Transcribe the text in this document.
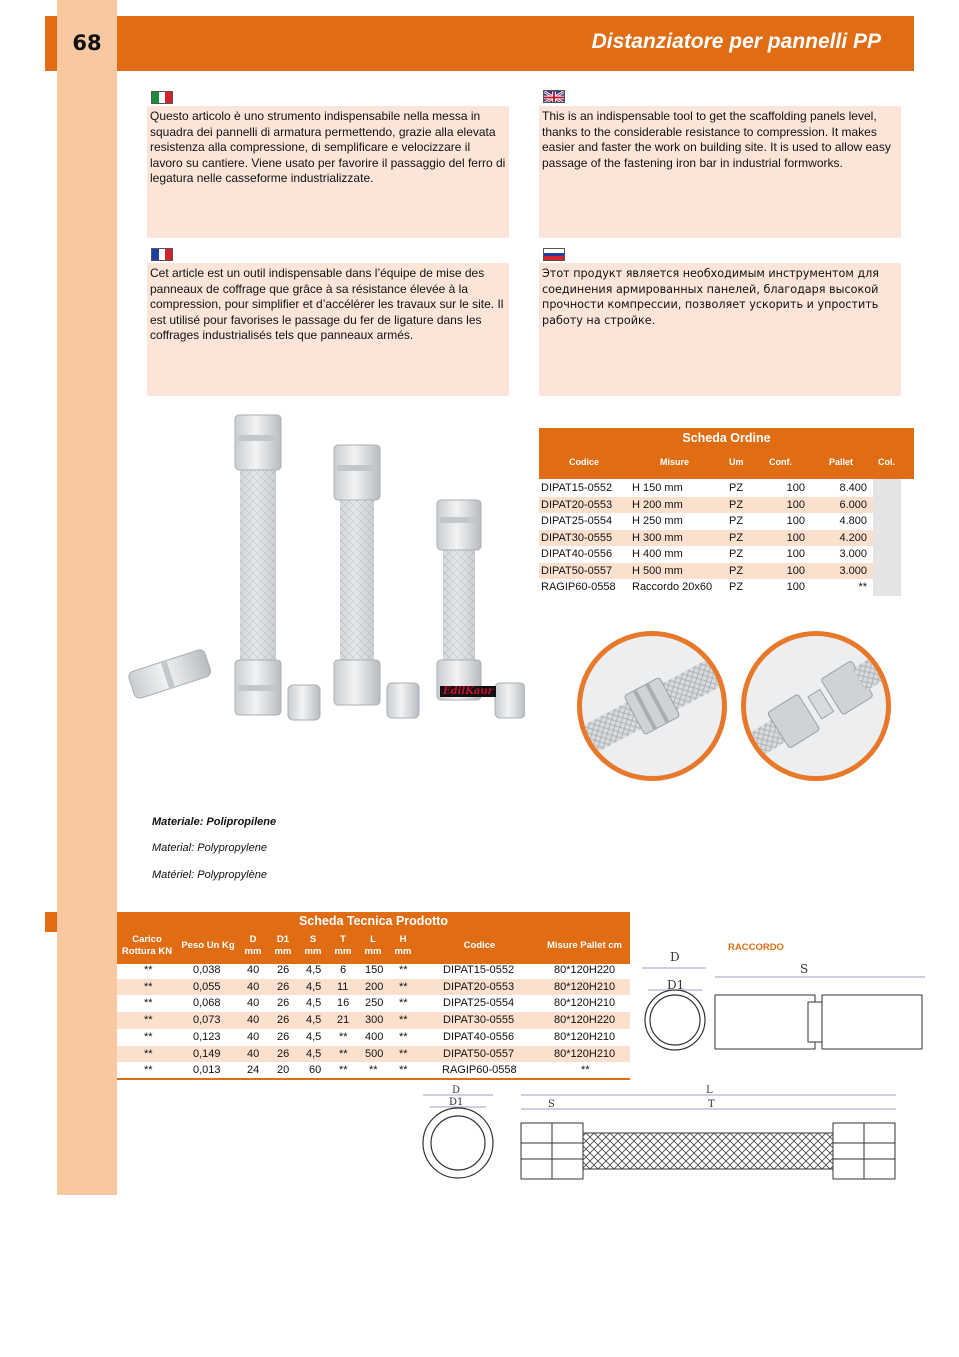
68	Distanziatore per pannelli PP
Questo articolo è uno strumento indispensabile nella messa in squadra dei pannelli di armatura permettendo, grazie alla elevata resistenza alla compressione, di semplificare e velocizzare il lavoro su cantiere. Viene usato per favorire il passaggio del ferro di legatura nelle casseforme industrializzate.
This is an indispensable tool to get the scaffolding panels level, thanks to the considerable resistance to compression. It makes easier and faster the work on building site. It is used to allow easy passage of the fastening iron bar in industrial formworks.
Cet article est un outil indispensable dans l’équipe de mise des panneaux de coffrage que grâce à sa résistance élevée à la compression, pour simplifier et d’accélérer les travaux sur le site. Il est utilisé pour favorises le passage du fer de ligature dans les coffrages industrialisés tels que panneaux armés.
Этот продукт является необходимым инструментом для соединения армированных панелей, благодаря высокой прочности компрессии, позволяет ускорить и упростить работу на стройке.
EdilKaur
Scheda Ordine
Codice	Misure	Um	Conf.	Pallet	Col.
DIPAT15-0552 H 150 mm	PZ	100	8.400
DIPAT20-0553 H 200 mm	PZ	100	6.000
DIPAT25-0554 H 250 mm	PZ	100	4.800
DIPAT30-0555 H 300 mm	PZ	100	4.200
DIPAT40-0556 H 400 mm	PZ	100	3.000
DIPAT50-0557 H 500 mm	PZ	100	3.000
RAGIP60-0558 Raccordo 20x60 PZ	100	**
Materiale: Polipropilene
Material: Polypropylene
Matériel: Polypropylène
Scheda Tecnica Prodotto
Carico Rottura KN
Peso Un Kg
D
mm
D1
mm
S
mm
T
mm
L
mm
H
mm
Codice	Misure Pallet cm
**	0,038 40 26 4,5 6 150 **	DIPAT15-0552	80*120H220
**	0,055 40 26 4,5 11 200 **	DIPAT20-0553	80*120H210
**	0,068 40 26 4,5 16 250 **	DIPAT25-0554	80*120H210
**	0,073 40 26 4,5 21 300 **	DIPAT30-0555	80*120H220
**	0,123 40 26 4,5 ** 400 **	DIPAT40-0556	80*120H210
**	0,149 40 26 4,5 ** 500 **	DIPAT50-0557	80*120H210
**	0,013 24 20 60 ** ** **	RAGIP60-0558	**
RACCORDO
D
D1
S
D
D1	S
L
T
